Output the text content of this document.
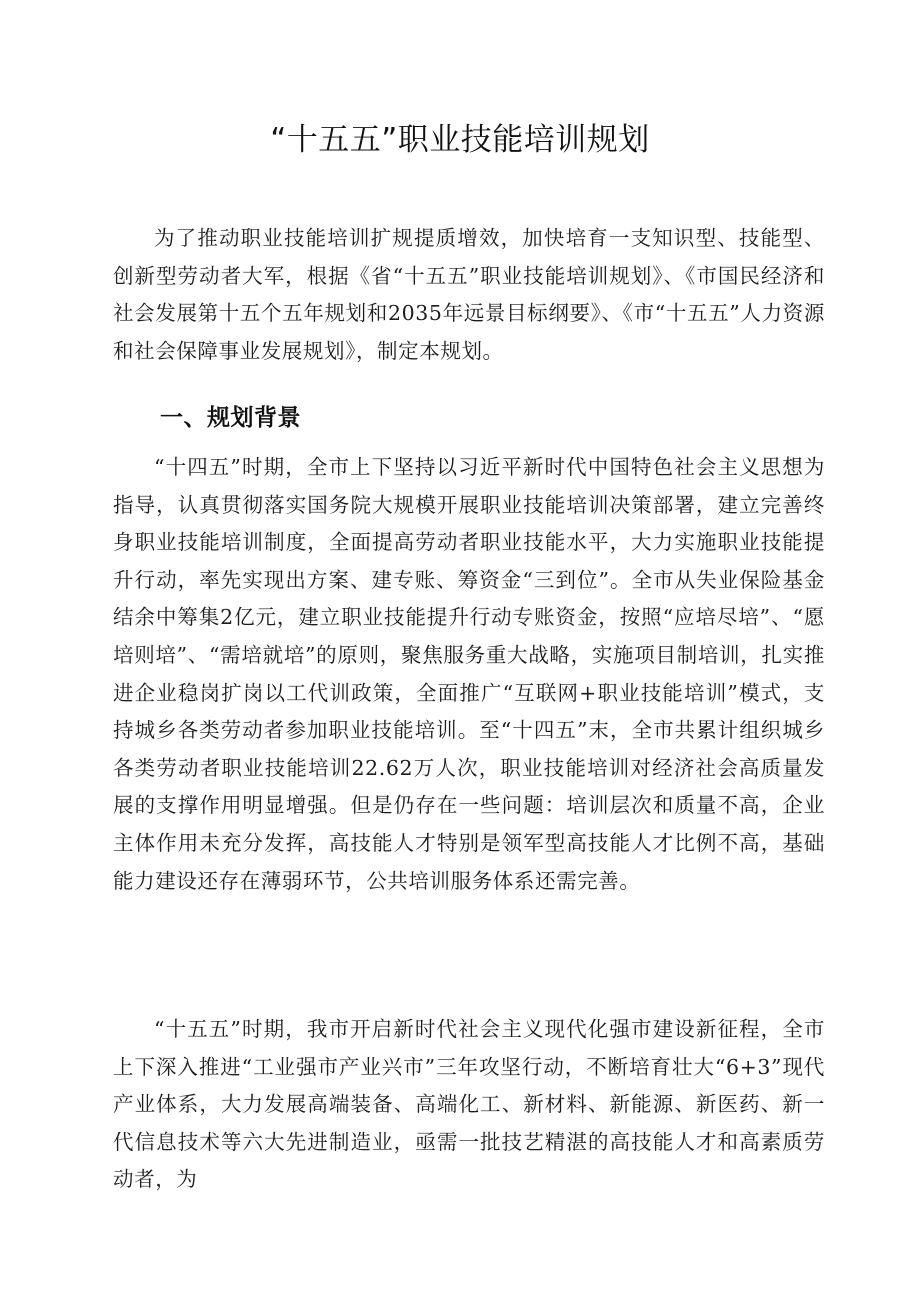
“十五五”职业技能培训规划

为了推动职业技能培训扩规提质增效，加快培育一支知识型、技能型、创新型劳动者大军，根据《省“十五五”职业技能培训规划》、《市国民经济和社会发展第十五个五年规划和2035年远景目标纲要》、《市“十五五”人力资源和社会保障事业发展规划》，制定本规划。

一、规划背景

“十四五”时期，全市上下坚持以习近平新时代中国特色社会主义思想为指导，认真贯彻落实国务院大规模开展职业技能培训决策部署，建立完善终身职业技能培训制度，全面提高劳动者职业技能水平，大力实施职业技能提升行动，率先实现出方案、建专账、筹资金“三到位”。全市从失业保险基金结余中筹集2亿元，建立职业技能提升行动专账资金，按照“应培尽培”、“愿培则培”、“需培就培”的原则，聚焦服务重大战略，实施项目制培训，扎实推进企业稳岗扩岗以工代训政策，全面推广“互联网+职业技能培训”模式，支持城乡各类劳动者参加职业技能培训。至“十四五”末，全市共累计组织城乡各类劳动者职业技能培训22.62万人次，职业技能培训对经济社会高质量发展的支撑作用明显增强。但是仍存在一些问题：培训层次和质量不高，企业主体作用未充分发挥，高技能人才特别是领军型高技能人才比例不高，基础能力建设还存在薄弱环节，公共培训服务体系还需完善。

“十五五”时期，我市开启新时代社会主义现代化强市建设新征程，全市上下深入推进“工业强市产业兴市”三年攻坚行动，不断培育壮大“6+3”现代产业体系，大力发展高端装备、高端化工、新材料、新能源、新医药、新一代信息技术等六大先进制造业，亟需一批技艺精湛的高技能人才和高素质劳动者，为
